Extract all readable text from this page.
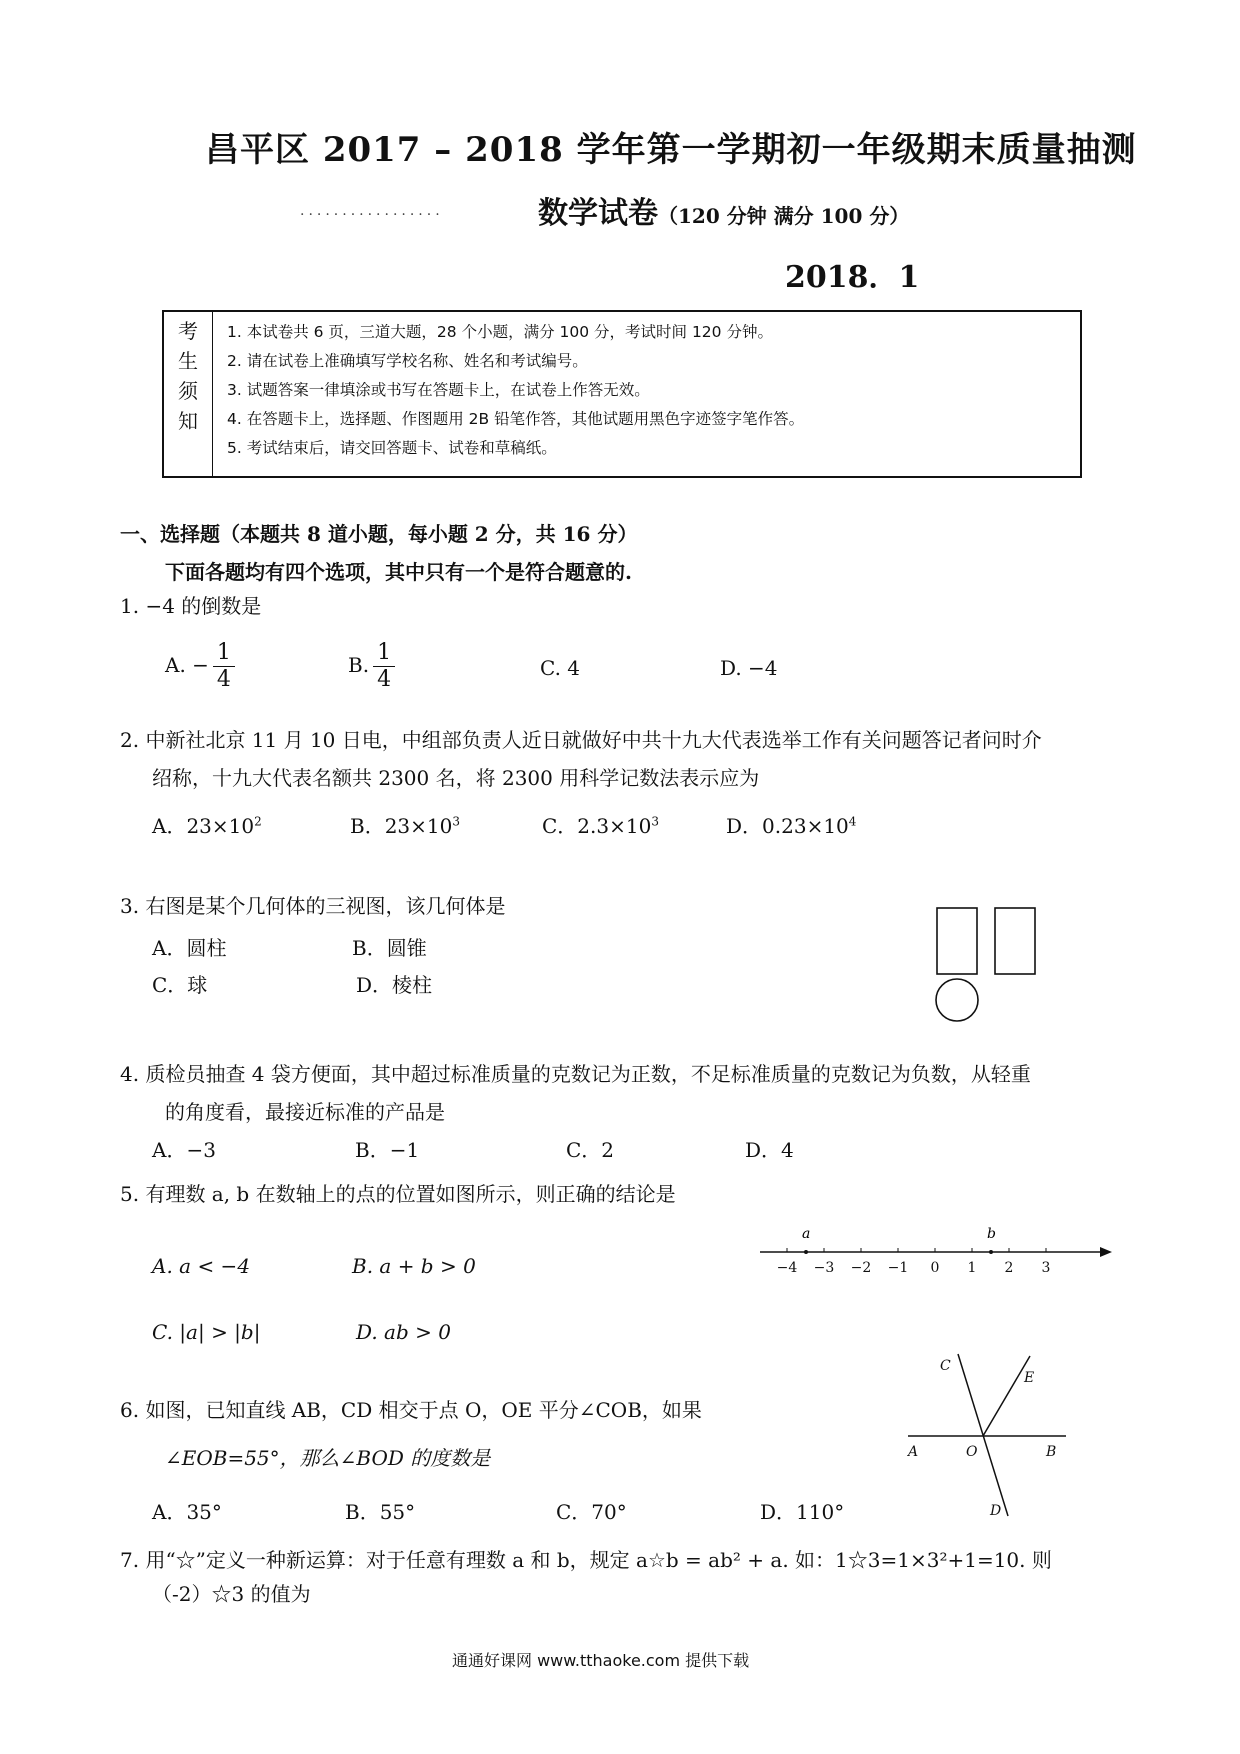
昌平区 2017 – 2018 学年第一学期初一年级期末质量抽测
.................	数学试卷（120 分钟 满分 100 分）
2018．1
考
生
须
知

1. 本试卷共 6 页，三道大题，28 个小题，满分 100 分，考试时间 120 分钟。
2. 请在试卷上准确填写学校名称、姓名和考试编号。
3. 试题答案一律填涂或书写在答题卡上，在试卷上作答无效。
4. 在答题卡上，选择题、作图题用 2B 铅笔作答，其他试题用黑色字迹签字笔作答。
5. 考试结束后，请交回答题卡、试卷和草稿纸。
一、选择题（本题共 8 道小题，每小题 2 分，共 16 分）
下面各题均有四个选项，其中只有一个是符合题意的.
1. −4 的倒数是
A. − $\frac{1}{4}$	B. $\frac{1}{4}$	C. 4	D. −4
2. 中新社北京 11 月 10 日电，中组部负责人近日就做好中共十九大代表选举工作有关问题答记者问时介
绍称，十九大代表名额共 2300 名，将 2300 用科学记数法表示应为
A．$23\times 10^2$	B．$23\times 10^3$	C．$2.3\times 10^3$	D．$0.23\times 10^4$
3. 右图是某个几何体的三视图，该几何体是
A．圆柱	B．圆锥
C．球	D．棱柱
4. 质检员抽查 4 袋方便面，其中超过标准质量的克数记为正数，不足标准质量的克数记为负数，从轻重
的角度看，最接近标准的产品是
A．−3	B．−1	C．2	D．4
5. 有理数 a, b 在数轴上的点的位置如图所示，则正确的结论是
A. a < −4	B. a + b > 0
C. |a| > |b|	D. ab > 0
−4 −3 −2 −1 0 1 2 3
a	b
6. 如图，已知直线 AB，CD 相交于点 O，OE 平分∠COB，如果
∠EOB=55°，那么∠BOD 的度数是
A．35°	B．55°	C．70°	D．110°
C
E
A	O	B
D
7. 用“☆”定义一种新运算：对于任意有理数 a 和 b，规定 a☆b = ab² + a. 如：1☆3=1×3²+1=10. 则
（-2）☆3 的值为
通通好课网 www.tthaoke.com 提供下载
